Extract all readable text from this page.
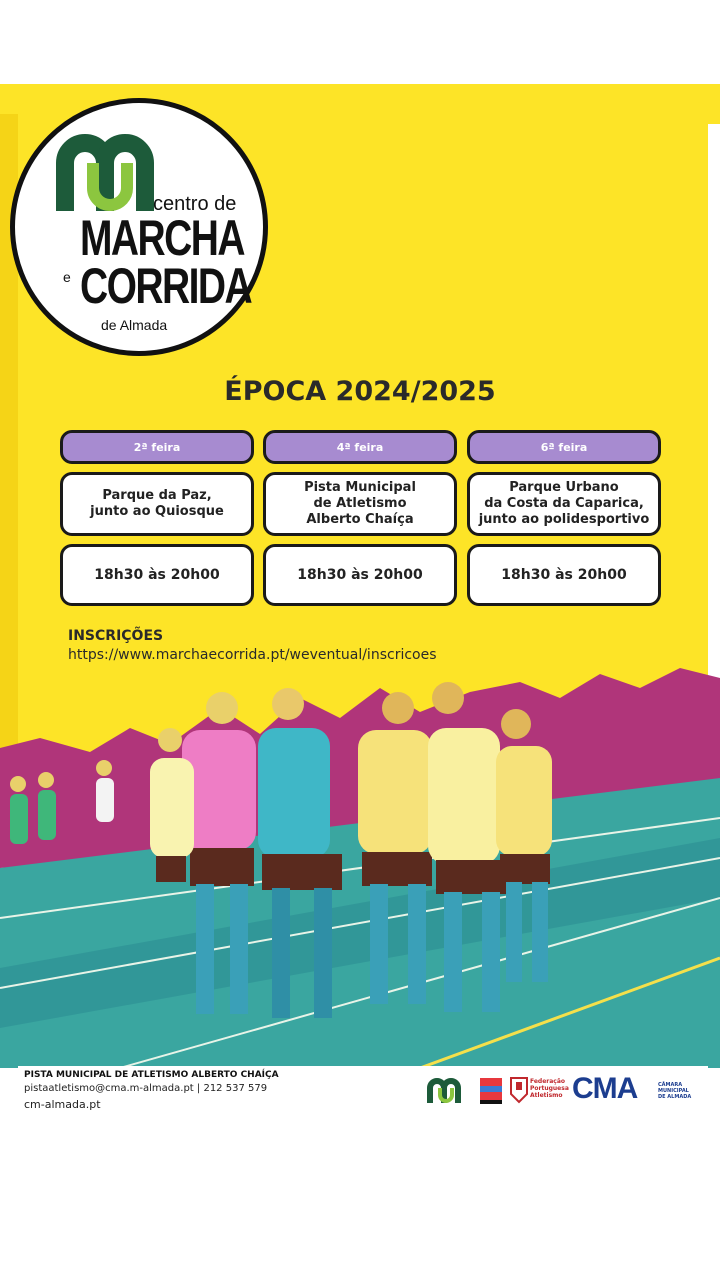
centro de
MARCHA
e CORRIDA
de Almada
ÉPOCA 2024/2025
2ª feira
Parque da Paz,
junto ao Quiosque
18h30 às 20h00
4ª feira
Pista Municipal
de Atletismo
Alberto Chaíça
18h30 às 20h00
6ª feira
Parque Urbano
da Costa da Caparica,
junto ao polidesportivo
18h30 às 20h00
INSCRIÇÕES
https://www.marchaecorrida.pt/weventual/inscricoes
PISTA MUNICIPAL DE ATLETISMO ALBERTO CHAÍÇA
pistaatletismo@cma.m-almada.pt | 212 537 579
cm-almada.pt
Federação
Portuguesa
Atletismo CMA	CÂMARA
MUNICIPAL
DE ALMADA
